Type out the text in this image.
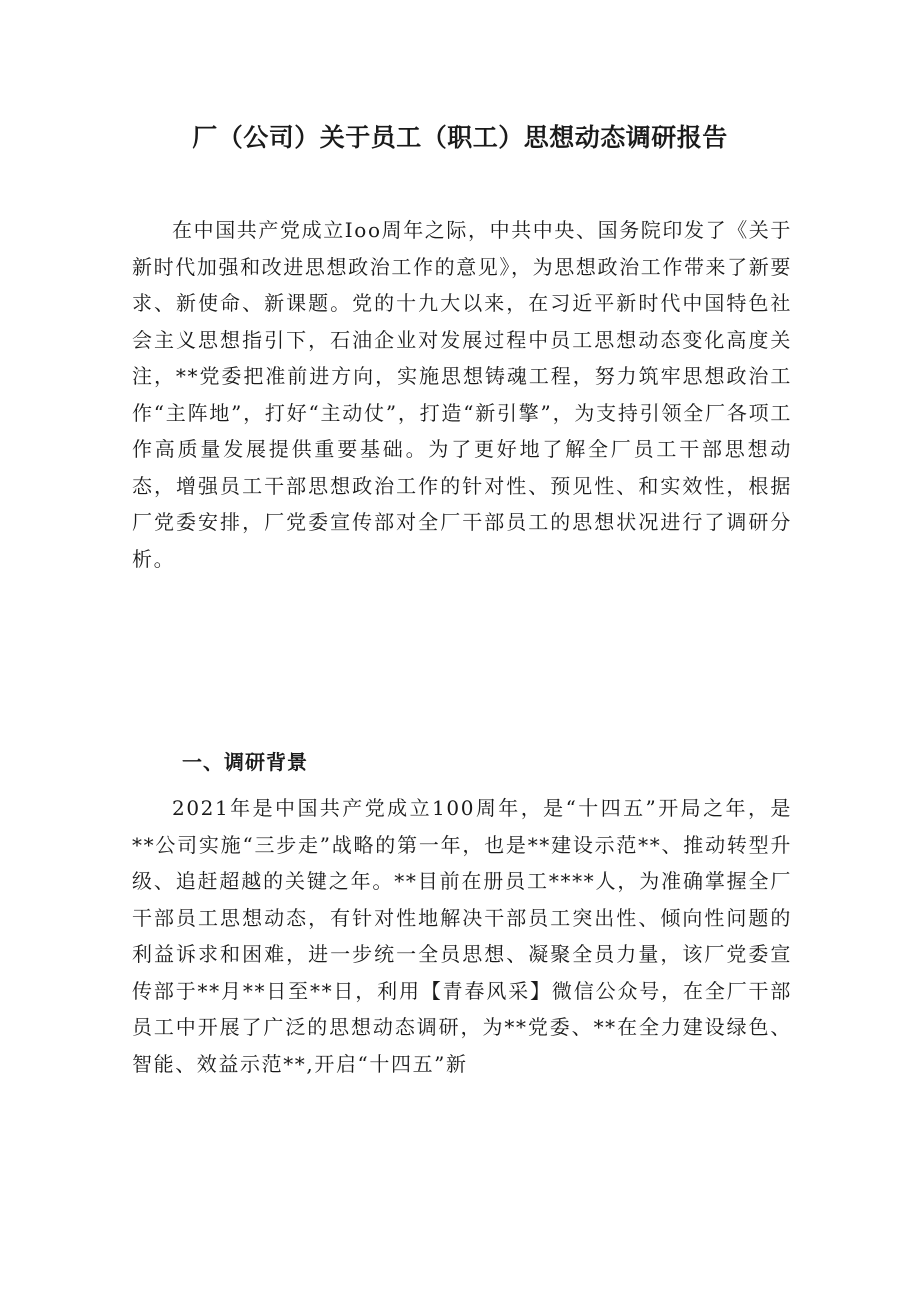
厂（公司）关于员工（职工）思想动态调研报告

在中国共产党成立Ioo周年之际，中共中央、国务院印发了《关于新时代加强和改进思想政治工作的意见》，为思想政治工作带来了新要求、新使命、新课题。党的十九大以来，在习近平新时代中国特色社会主义思想指引下，石油企业对发展过程中员工思想动态变化高度关注，**党委把准前进方向，实施思想铸魂工程，努力筑牢思想政治工作“主阵地”，打好“主动仗”，打造“新引擎”，为支持引领全厂各项工作高质量发展提供重要基础。为了更好地了解全厂员工干部思想动态，增强员工干部思想政治工作的针对性、预见性、和实效性，根据厂党委安排，厂党委宣传部对全厂干部员工的思想状况进行了调研分析。

一、调研背景

2021年是中国共产党成立100周年，是“十四五”开局之年，是**公司实施“三步走”战略的第一年，也是**建设示范**、推动转型升级、追赶超越的关键之年。**目前在册员工****人，为准确掌握全厂干部员工思想动态，有针对性地解决干部员工突出性、倾向性问题的利益诉求和困难，进一步统一全员思想、凝聚全员力量，该厂党委宣传部于**月**日至**日，利用【青春风采】微信公众号，在全厂干部员工中开展了广泛的思想动态调研，为**党委、**在全力建设绿色、智能、效益示范**,开启“十四五”新
